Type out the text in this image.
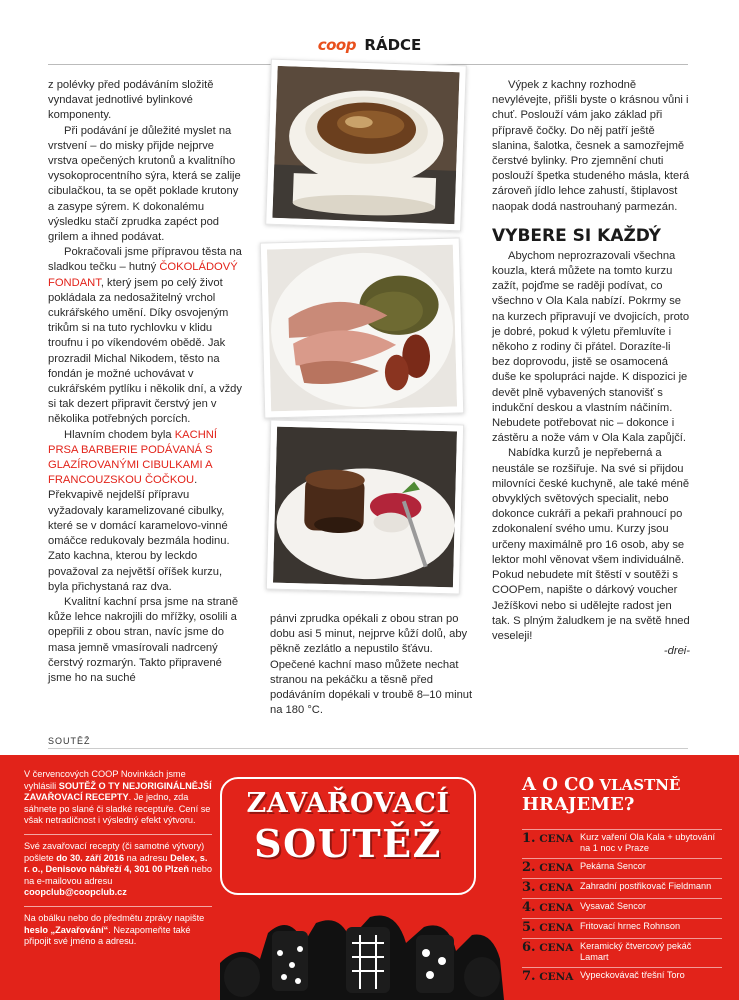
coop RÁDCE

z polévky před podáváním složitě vyndavat jednotlivé bylinkové komponenty.

Při podávání je důležité myslet na vrstvení – do misky přijde nejprve vrstva opečených krutonů a kvalitního vysokoprocentního sýra, která se zalije cibulačkou, ta se opět poklade krutony a zasype sýrem. K dokonalému výsledku stačí zprudka zapéct pod grilem a ihned podávat.

Pokračovali jsme přípravou těsta na sladkou tečku – hutný ČOKOLÁDOVÝ FONDANT, který jsem po celý život pokládala za nedosažitelný vrchol cukrářského umění. Díky osvojeným trikům si na tuto rychlovku v klidu troufnu i po víkendovém obědě. Jak prozradil Michal Nikodem, těsto na fondán je možné uchovávat v cukrářském pytlíku i několik dní, a vždy si tak dezert připravit čerstvý jen v několika potřebných porcích.

Hlavním chodem byla KACHNÍ PRSA BARBERIE PODÁVANÁ S GLAZÍROVANÝMI CIBULKAMI A FRANCOUZSKOU ČOČKOU. Překvapivě nejdelší přípravu vyžadovaly karamelizované cibulky, které se v domácí karamelovo-vinné omáčce redukovaly bezmála hodinu. Zato kachna, kterou by leckdo považoval za největší oříšek kurzu, byla přichystaná raz dva.

Kvalitní kachní prsa jsme na straně kůže lehce nakrojili do mřížky, osolili a opepřili z obou stran, navíc jsme do masa jemně vmasírovali nadrcený čerstvý rozmarýn. Takto připravené jsme ho na suché

pánvi zprudka opékali z obou stran po dobu asi 5 minut, nejprve kůží dolů, aby pěkně zezlátlo a nepustilo šťávu. Opečené kachní maso můžete nechat stranou na pekáčku a těsně před podáváním dopékali v troubě 8–10 minut na 180 °C.

Výpek z kachny rozhodně nevylévejte, přišli byste o krásnou vůni i chuť. Poslouží vám jako základ při přípravě čočky. Do něj patří ještě slanina, šalotka, česnek a samozřejmě čerstvé bylinky. Pro zjemnění chuti poslouží špetka studeného másla, která zároveň jídlo lehce zahustí, štiplavost naopak dodá nastrouhaný parmezán.

VYBERE SI KAŽDÝ

Abychom neprozrazovali všechna kouzla, která můžete na tomto kurzu zažít, pojďme se raději podívat, co všechno v Ola Kala nabízí. Pokrmy se na kurzech připravují ve dvojicích, proto je dobré, pokud k výletu přemluvíte i někoho z rodiny či přátel. Dorazíte-li bez doprovodu, jistě se osamocená duše ke spolupráci najde. K dispozici je devět plně vybavených stanovišť s indukční deskou a vlastním náčiním. Nebudete potřebovat nic – dokonce i zástěru a nože vám v Ola Kala zapůjčí.

Nabídka kurzů je nepřeberná a neustále se rozšiřuje. Na své si přijdou milovníci české kuchyně, ale také méně obvyklých světových specialit, nebo dokonce cukráři a pekaři prahnoucí po zdokonalení svého umu. Kurzy jsou určeny maximálně pro 16 osob, aby se lektor mohl věnovat všem individuálně. Pokud nebudete mít štěstí v soutěži s COOPem, napište o dárkový voucher Ježíškovi nebo si udělejte radost jen tak. S plným žaludkem je na světě hned veseleji!

-drei-

SOUTĚŽ

V červencových COOP Novinkách jsme vyhlásili SOUTĚŽ O TY NEJORIGINÁLNĚJŠÍ ZAVAŘOVACÍ RECEPTY. Je jedno, zda sáhnete po slané či sladké receptuře. Cení se však netradičnost i výsledný efekt výtvoru.

Své zavařovací recepty (či samotné výtvory) pošlete do 30. září 2016 na adresu Delex, s. r. o., Denisovo nábřeží 4, 301 00 Plzeň nebo na e-mailovou adresu coopclub@coopclub.cz

Na obálku nebo do předmětu zprávy napište heslo „Zavařování“. Nezapomeňte také připojit své jméno a adresu.

ZAVAŘOVACÍ
SOUTĚŽ
A O CO VLASTNĚ
HRAJEME?
1. CENA Kurz vaření Ola Kala + ubytování na 1 noc v Praze
2. CENA Pekárna Sencor
3. CENA Zahradní postřikovač Fieldmann
4. CENA Vysavač Sencor
5. CENA Fritovací hrnec Rohnson
6. CENA Keramický čtvercový pekáč Lamart
7. CENA Vypeckovávač třešní Toro
